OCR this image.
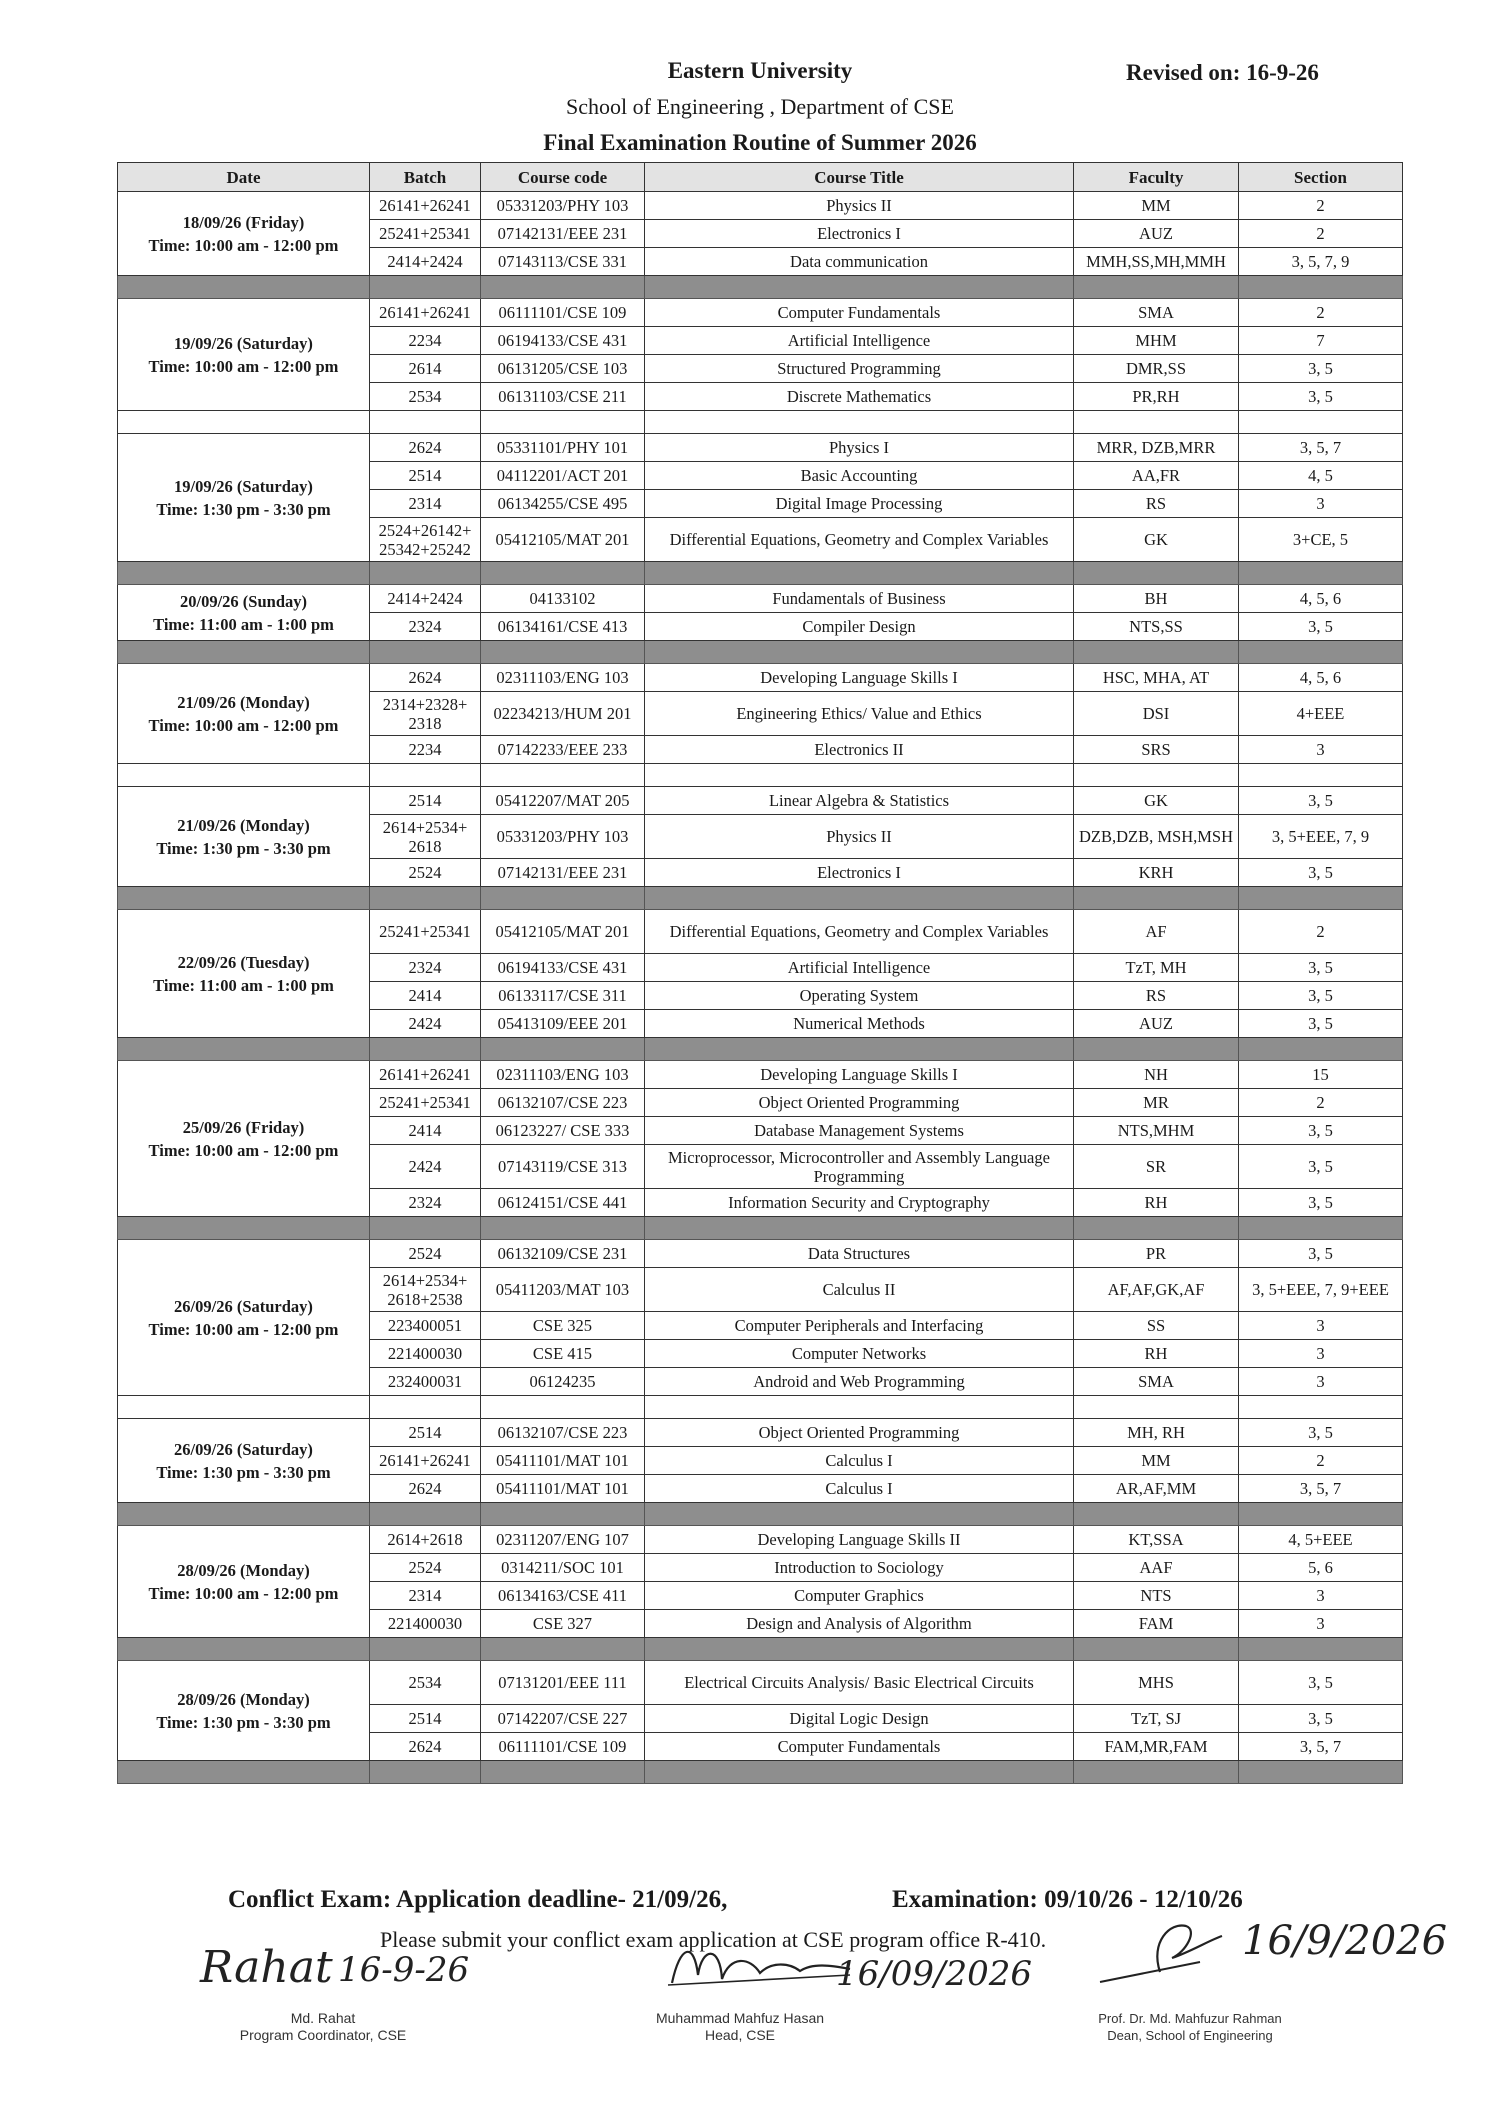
Eastern University
School of Engineering , Department of CSE
Final Examination Routine of Summer 2026
Revised on: 16-9-26
Date	Batch	Course code	Course Title	Faculty	Section

18/09/26 (Friday)
Time: 10:00 am - 12:00 pm	26141+26241	05331203/PHY 103	Physics II	MM	2
	25241+25341	07142131/EEE 231	Electronics I	AUZ	2
	2414+2424	07143113/CSE 331	Data communication	MMH,SS,MH,MMH	3, 5, 7, 9

19/09/26 (Saturday)
Time: 10:00 am - 12:00 pm	26141+26241	06111101/CSE 109	Computer Fundamentals	SMA	2
	2234	06194133/CSE 431	Artificial Intelligence	MHM	7
	2614	06131205/CSE 103	Structured Programming	DMR,SS	3, 5
	2534	06131103/CSE 211	Discrete Mathematics	PR,RH	3, 5

19/09/26 (Saturday)
Time: 1:30 pm - 3:30 pm	2624	05331101/PHY 101	Physics I	MRR, DZB,MRR	3, 5, 7
	2514	04112201/ACT 201	Basic Accounting	AA,FR	4, 5
	2314	06134255/CSE 495	Digital Image Processing	RS	3
	2524+26142+ 25342+25242	05412105/MAT 201	Differential Equations, Geometry and Complex Variables	GK	3+CE, 5

20/09/26 (Sunday)
Time: 11:00 am - 1:00 pm	2414+2424	04133102	Fundamentals of Business	BH	4, 5, 6
	2324	06134161/CSE 413	Compiler Design	NTS,SS	3, 5

21/09/26 (Monday)
Time: 10:00 am - 12:00 pm	2624	02311103/ENG 103	Developing Language Skills I	HSC, MHA, AT	4, 5, 6
	2314+2328+ 2318	02234213/HUM 201	Engineering Ethics/ Value and Ethics	DSI	4+EEE
	2234	07142233/EEE 233	Electronics II	SRS	3

21/09/26 (Monday)
Time: 1:30 pm - 3:30 pm	2514	05412207/MAT 205	Linear Algebra & Statistics	GK	3, 5
	2614+2534+ 2618	05331203/PHY 103	Physics II	DZB,DZB, MSH,MSH	3, 5+EEE, 7, 9
	2524	07142131/EEE 231	Electronics I	KRH	3, 5

22/09/26 (Tuesday)
Time: 11:00 am - 1:00 pm	25241+25341	05412105/MAT 201	Differential Equations, Geometry and Complex Variables	AF	2
	2324	06194133/CSE 431	Artificial Intelligence	TzT, MH	3, 5
	2414	06133117/CSE 311	Operating System	RS	3, 5
	2424	05413109/EEE 201	Numerical Methods	AUZ	3, 5

25/09/26 (Friday)
Time: 10:00 am - 12:00 pm	26141+26241	02311103/ENG 103	Developing Language Skills I	NH	15
	25241+25341	06132107/CSE 223	Object Oriented Programming	MR	2
	2414	06123227/ CSE 333	Database Management Systems	NTS,MHM	3, 5
	2424	07143119/CSE 313	Microprocessor, Microcontroller and Assembly Language Programming	SR	3, 5
	2324	06124151/CSE 441	Information Security and Cryptography	RH	3, 5

26/09/26 (Saturday)
Time: 10:00 am - 12:00 pm	2524	06132109/CSE 231	Data Structures	PR	3, 5
	2614+2534+ 2618+2538	05411203/MAT 103	Calculus II	AF,AF,GK,AF	3, 5+EEE, 7, 9+EEE
	223400051	CSE 325	Computer Peripherals and Interfacing	SS	3
	221400030	CSE 415	Computer Networks	RH	3
	232400031	06124235	Android and Web Programming	SMA	3

26/09/26 (Saturday)
Time: 1:30 pm - 3:30 pm	2514	06132107/CSE 223	Object Oriented Programming	MH, RH	3, 5
	26141+26241	05411101/MAT 101	Calculus I	MM	2
	2624	05411101/MAT 101	Calculus I	AR,AF,MM	3, 5, 7

28/09/26 (Monday)
Time: 10:00 am - 12:00 pm	2614+2618	02311207/ENG 107	Developing Language Skills II	KT,SSA	4, 5+EEE
	2524	0314211/SOC 101	Introduction to Sociology	AAF	5, 6
	2314	06134163/CSE 411	Computer Graphics	NTS	3
	221400030	CSE 327	Design and Analysis of Algorithm	FAM	3

28/09/26 (Monday)
Time: 1:30 pm - 3:30 pm	2534	07131201/EEE 111	Electrical Circuits Analysis/ Basic Electrical Circuits	MHS	3, 5
	2514	07142207/CSE 227	Digital Logic Design	TzT, SJ	3, 5
	2624	06111101/CSE 109	Computer Fundamentals	FAM,MR,FAM	3, 5, 7

Conflict Exam: Application deadline- 21/09/26,	Examination: 09/10/26 - 12/10/26
Please submit your conflict exam application at CSE program office R-410.
Rahat 16-9-26
Md. Rahat
Program Coordinator, CSE
16/09/2026
Muhammad Mahfuz Hasan
Head, CSE
16/9/2026
Prof. Dr. Md. Mahfuzur Rahman
Dean, School of Engineering
